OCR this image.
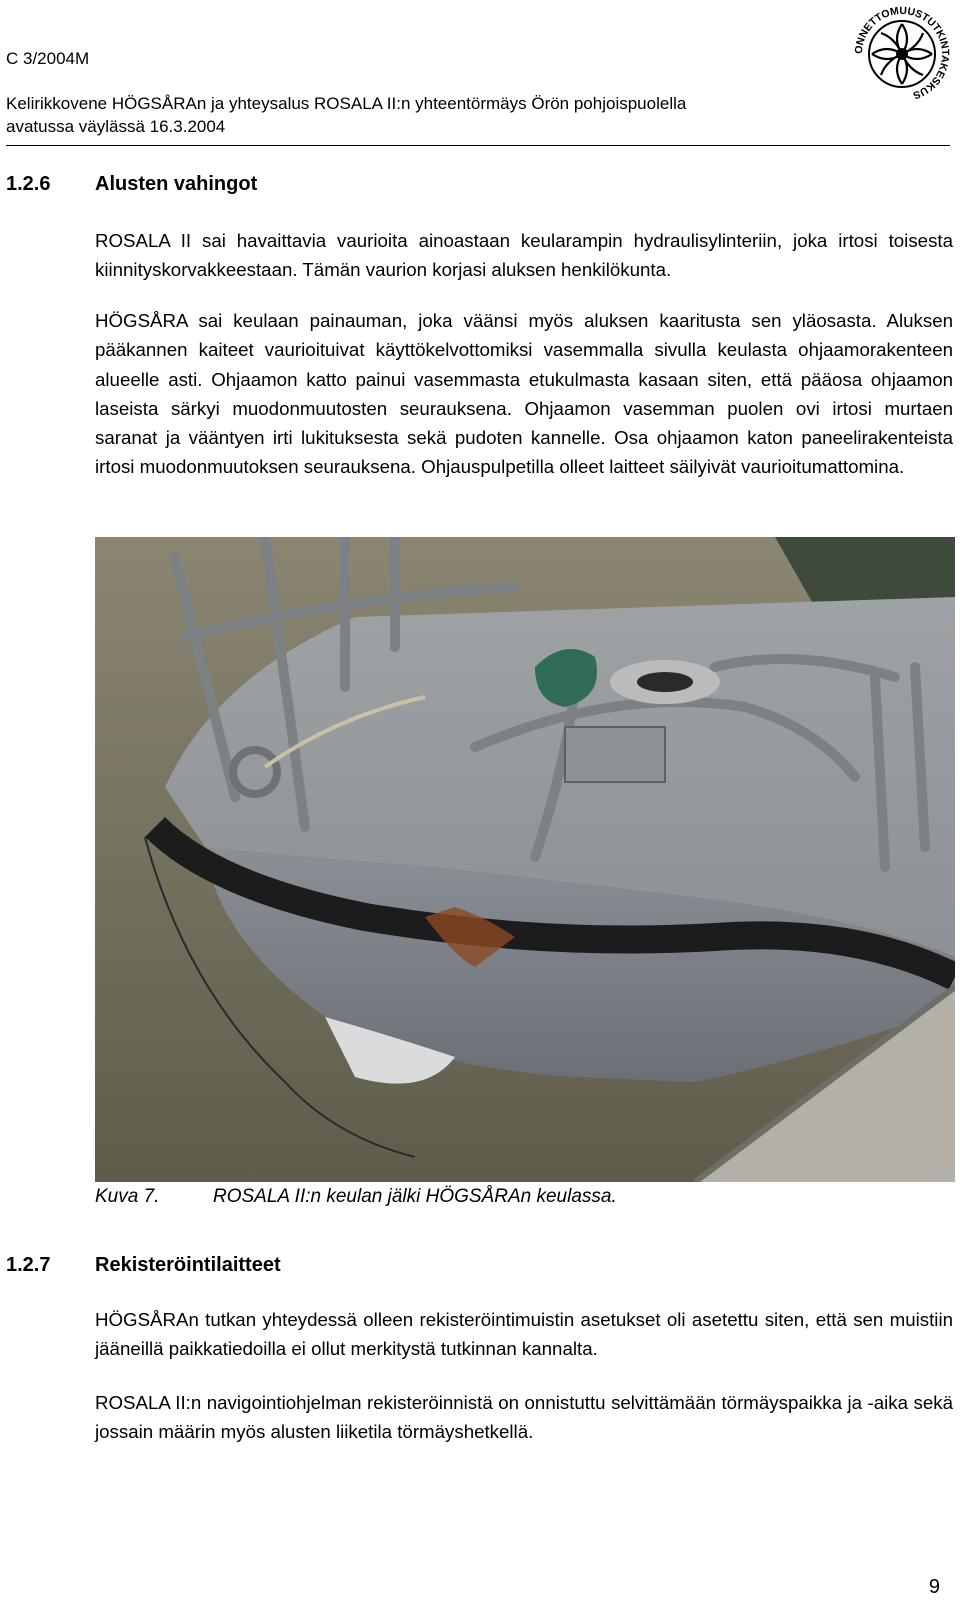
C 3/2004M
Kelirikkovene HÖGSÅRAn ja yhteysalus ROSALA II:n yhteentörmäys Örön pohjoispuolella
avatussa väylässä 16.3.2004
ONNETTOMUUSTUTKINTAKESKUS
1.2.6 Alusten vahingot

ROSALA II sai havaittavia vaurioita ainoastaan keularampin hydraulisylinteriin, joka irtosi toisesta kiinnityskorvakkeestaan. Tämän vaurion korjasi aluksen henkilökunta.

HÖGSÅRA sai keulaan painauman, joka väänsi myös aluksen kaaritusta sen yläosasta. Aluksen pääkannen kaiteet vaurioituivat käyttökelvottomiksi vasemmalla sivulla keulasta ohjaamorakenteen alueelle asti. Ohjaamon katto painui vasemmasta etukulmasta kasaan siten, että pääosa ohjaamon laseista särkyi muodonmuutosten seurauksena. Ohjaamon vasemman puolen ovi irtosi murtaen saranat ja vääntyen irti lukituksesta sekä pudoten kannelle. Osa ohjaamon katon paneelirakenteista irtosi muodonmuutoksen seurauksena. Ohjauspulpetilla olleet laitteet säilyivät vaurioitumattomina.

Kuva 7.	ROSALA II:n keulan jälki HÖGSÅRAn keulassa.
1.2.7 Rekisteröintilaitteet

HÖGSÅRAn tutkan yhteydessä olleen rekisteröintimuistin asetukset oli asetettu siten, että sen muistiin jääneillä paikkatiedoilla ei ollut merkitystä tutkinnan kannalta.

ROSALA II:n navigointiohjelman rekisteröinnistä on onnistuttu selvittämään törmäyspaikka ja -aika sekä jossain määrin myös alusten liiketila törmäyshetkellä.

9
